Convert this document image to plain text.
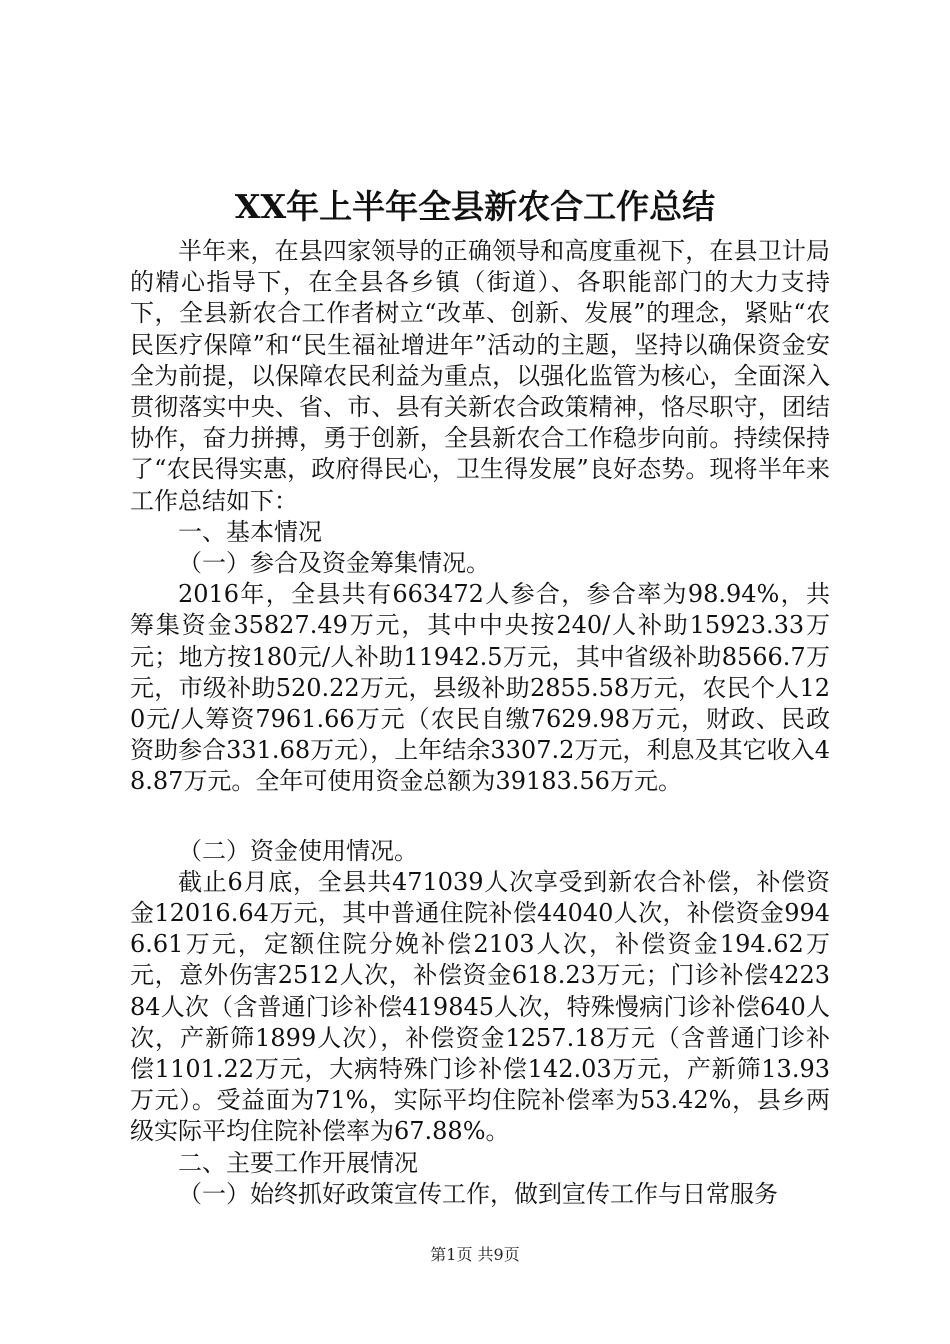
XX年上半年全县新农合工作总结

半年来，在县四家领导的正确领导和高度重视下，在县卫计局的精心指导下，在全县各乡镇（街道）、各职能部门的大力支持下，全县新农合工作者树立“改革、创新、发展”的理念，紧贴“农民医疗保障”和“民生福祉增进年”活动的主题，坚持以确保资金安全为前提，以保障农民利益为重点，以强化监管为核心，全面深入贯彻落实中央、省、市、县有关新农合政策精神，恪尽职守，团结协作，奋力拼搏，勇于创新，全县新农合工作稳步向前。持续保持了“农民得实惠，政府得民心，卫生得发展”良好态势。现将半年来工作总结如下：

一、基本情况

（一）参合及资金筹集情况。

2016年，全县共有663472人参合，参合率为98.94%，共筹集资金35827.49万元，其中中央按240/人补助15923.33万元；地方按180元/人补助11942.5万元，其中省级补助8566.7万元，市级补助520.22万元，县级补助2855.58万元，农民个人120元/人筹资7961.66万元（农民自缴7629.98万元，财政、民政资助参合331.68万元），上年结余3307.2万元，利息及其它收入48.87万元。全年可使用资金总额为39183.56万元。

（二）资金使用情况。

截止6月底，全县共471039人次享受到新农合补偿，补偿资金12016.64万元，其中普通住院补偿44040人次，补偿资金9946.61万元，定额住院分娩补偿2103人次，补偿资金194.62万元，意外伤害2512人次，补偿资金618.23万元；门诊补偿422384人次（含普通门诊补偿419845人次，特殊慢病门诊补偿640人次，产新筛1899人次），补偿资金1257.18万元（含普通门诊补偿1101.22万元，大病特殊门诊补偿142.03万元，产新筛13.93万元）。受益面为71%，实际平均住院补偿率为53.42%，县乡两级实际平均住院补偿率为67.88%。

二、主要工作开展情况

（一）始终抓好政策宣传工作，做到宣传工作与日常服务

第1页 共9页
